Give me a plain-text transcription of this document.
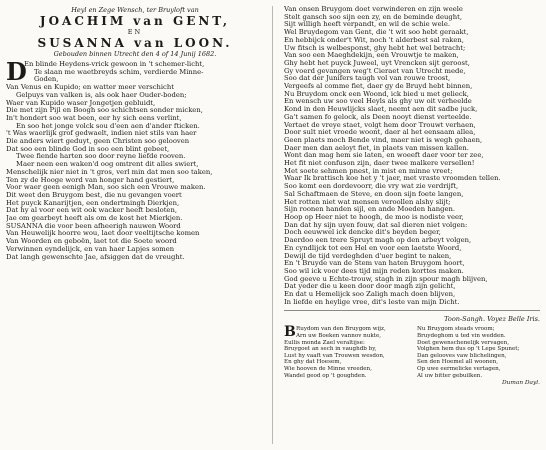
Heyl en Zege Wensch, ter Bruyloft van
JOACHIM van GENT,
EN
SUSANNA van LOON.
Gebouden binnen Utrecht den 4 of 14 Junij 1682.
D
En blinde Heydens-vrick gewoon in 't schemer-licht,
Te slaan me waetbreyds schim, verdierde Minne-
Goden,
Van Venus en Kupido; en watter meer verschicht
Gelpuys van valken is, als ook haer Ouder-boden;
Waer van Kupido waser Jongetjen gebluidt,
Die met zijn Pijl en Boogh soo schichtsen sonder micken,
In't hondert soo wat been, eer hy sich eens verlint,
En soo het jonge volck sou d'een aen d'ander fticken.
't Was waerlijk grof gedwaelt, indien niet stils van haer
Die anders wiert geduyt, geen Christen soo gelooven
Dat soo een blinde God in soo een blint gebeet,
Twee fiende harten soo door reyne liefde rooven.
Maer neen een waken'd oog omtrent dit alles swiert,
Menschelijk nier niet in 't gros, verl min dat men soo taken,
Ten zy de Hooge word van honger hand gestiert,
Voor waer geen eenigh Man, soo sich een Vrouwe maken.
Dit weet den Bruygom best, die nu gevangen voert
Het puyck Kanarijtjen, een ondertmingh Dierkjen,
Dat hy al voor een wit ook wacker heeft besloten,
Jae om gearbeyt heeft als om de kost het Mierkjen.
SUSANNA die voor been afheerigh nauwen Woord
Van Heuwelijk hoorre wou, laet door veeltijtsche komen
Van Woorden en geboën, laet tot die Soete woord
Verwinnen eyndelijck, en van haer Lapjes somen
Dat langh gewenschte Jae, afsiggen dat de vreught.
Van onsen Bruygom doet verwinderen en zijn weele
Stelt gansch soo sijn een zy, en de beminde deught,
Sijt willigh heeft verpandt, en wil de schie wele.
Wel Bruydegom van Gent, die 't wit soo hebt geraakt,
En hebbijck onder't Wit, noch 't alderbest sal raken,
Uw fitsch is welbesponst, ghy hebt het wel betracht;
Van soo een Maeghdekijn, een Vrouwtje te maken,
Ghy hebt het puyck Juweel, uyt Vrencken sijt geroost,
Gy voerd gevangen weg't Cieraet van Utrecht mede,
Soo dat der Junifers taugh vol van rouwe troost,
Vergeefs al comme fiet, daer gy de Bruyd hebt binnen,
Nu Bruydom onck een Woond, ick bied u met gelieck,
En wensch uw soo veel Heyls als ghy uw oit verheelde
Kond in den Heuwlijcks slaet, neemt aen dit sadbe juck,
Ga't samen fo gelock, als Deen nooyt dienst verteelde.
Vertaet de vreye staet, volgt hem door Trouwt verhaen,
Door sult niet vroede woont, daer al het eensaam allea,
Geen plaets moch Bende vind, maer niet is wegh gehaen,
Daer men dan aeloyt fiet, in plaets van missen kallen.
Wont dan mag hem sie laten, en woeeft daer voor ter zee,
Het fit niet confuson zijn, daer twee malkere versellen!
Met soete sehmen pnest, in mist en minne vreet;
Waar Ik brattisch koe het y 't jaer, met vraste vroomden tellen.
Soo komt een dordevoorr, die vry wat zie verdrijft,
Sal Schaftmaen de Steve, en doon sijn foete langen,
Het rotten niet wat mensen veroollen alshy slijt;
Sijn roonen handen sijl, en ande Moeden hangen.
Hoop op Heer niet te hoogh, de moo is nodiste veer,
Dan dat hy sijn uyen fouw, dat sal dieren niet volgen:
Doch eeuwwel ick dencke dit's beyden beger,
Daerdoo een trere Spruyt magh op den arbeyt volgen,
En cyndlijck tot een Hel en voor een laetste Woord,
Dewijl de tijd verdeghden d'uer begint te naken,
En 't Bruyde van de Stem van haten Bruygom hoort,
Soo wil ick voor dees tijd mijn reden korttes maken.
God geeve u Echte-trouw, stagh in zijn spour magh blijven,
Dat yeder die u keen door door magh zijn gelicht,
En dat u Hemelijck soo Zaligh mach doen blijven,
In liefde en heylige vree, dit's leste van mijn Dicht.
Toon-Sangh. Voyez Belle Iris.
B Ruydom van den Bruygom wijz,
Arn uw Boeken vannov nukte,
Eullis monda Zael veraltijse:
Bruygoet an sech in vaughdb by,
Lust hy vaaft van Trouwen wesdon,
En ghy dat Hoesem,
Wie hooven de Minne vreeden,
Wandel geod op 't goughden.
Nu Bruygom steads vroom;
Bruydeghom u ted vin wedden.
Doet gewenschenelijk vervagen,
Volghen hem dus op 't Lepe Spunet;
Dan gelooves vaw blichelingen,
Sen den Hoemel all woonen,
Op uwe eermelicke vertagen,
Al uw bitter gebuilken.
Duman Dayl.
